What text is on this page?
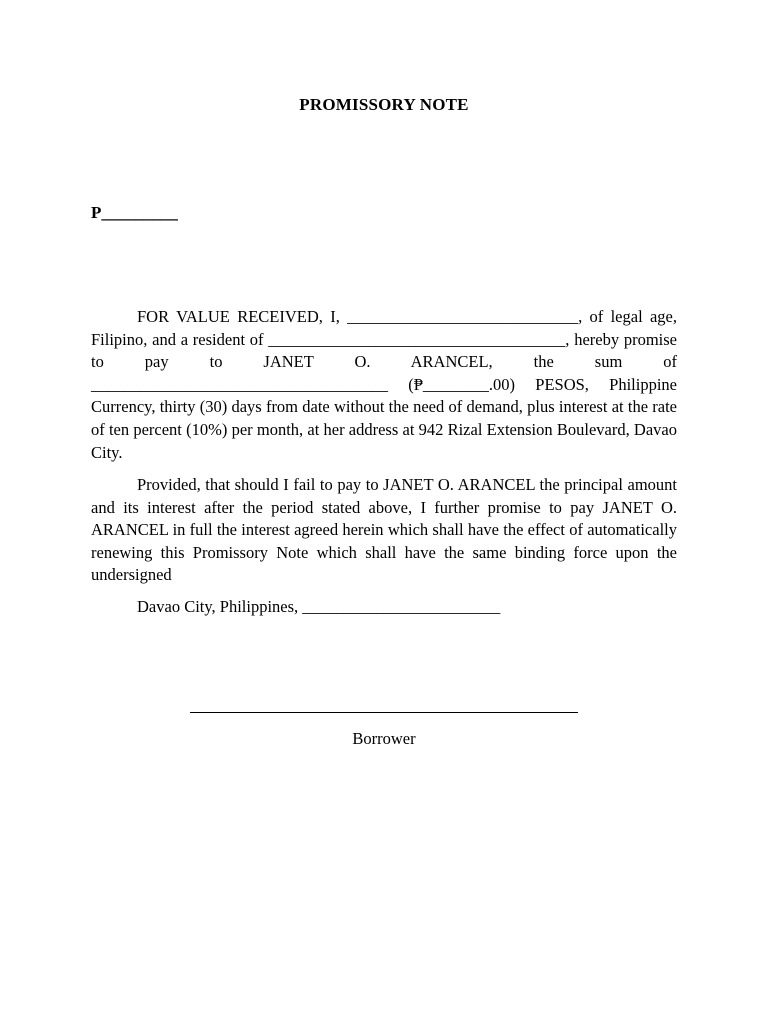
PROMISSORY NOTE
P_________

FOR VALUE RECEIVED, I, ____________________________, of legal age, Filipino, and a resident of ____________________________________, hereby promise to pay to JANET O. ARANCEL, the sum of ____________________________________ (₱________.00) PESOS, Philippine Currency, thirty (30) days from date without the need of demand, plus interest at the rate of ten percent (10%) per month, at her address at 942 Rizal Extension Boulevard, Davao City.

Provided, that should I fail to pay to JANET O. ARANCEL the principal amount and its interest after the period stated above, I further promise to pay JANET O. ARANCEL in full the interest agreed herein which shall have the effect of automatically renewing this Promissory Note which shall have the same binding force upon the undersigned

Davao City, Philippines, ________________________
Borrower
